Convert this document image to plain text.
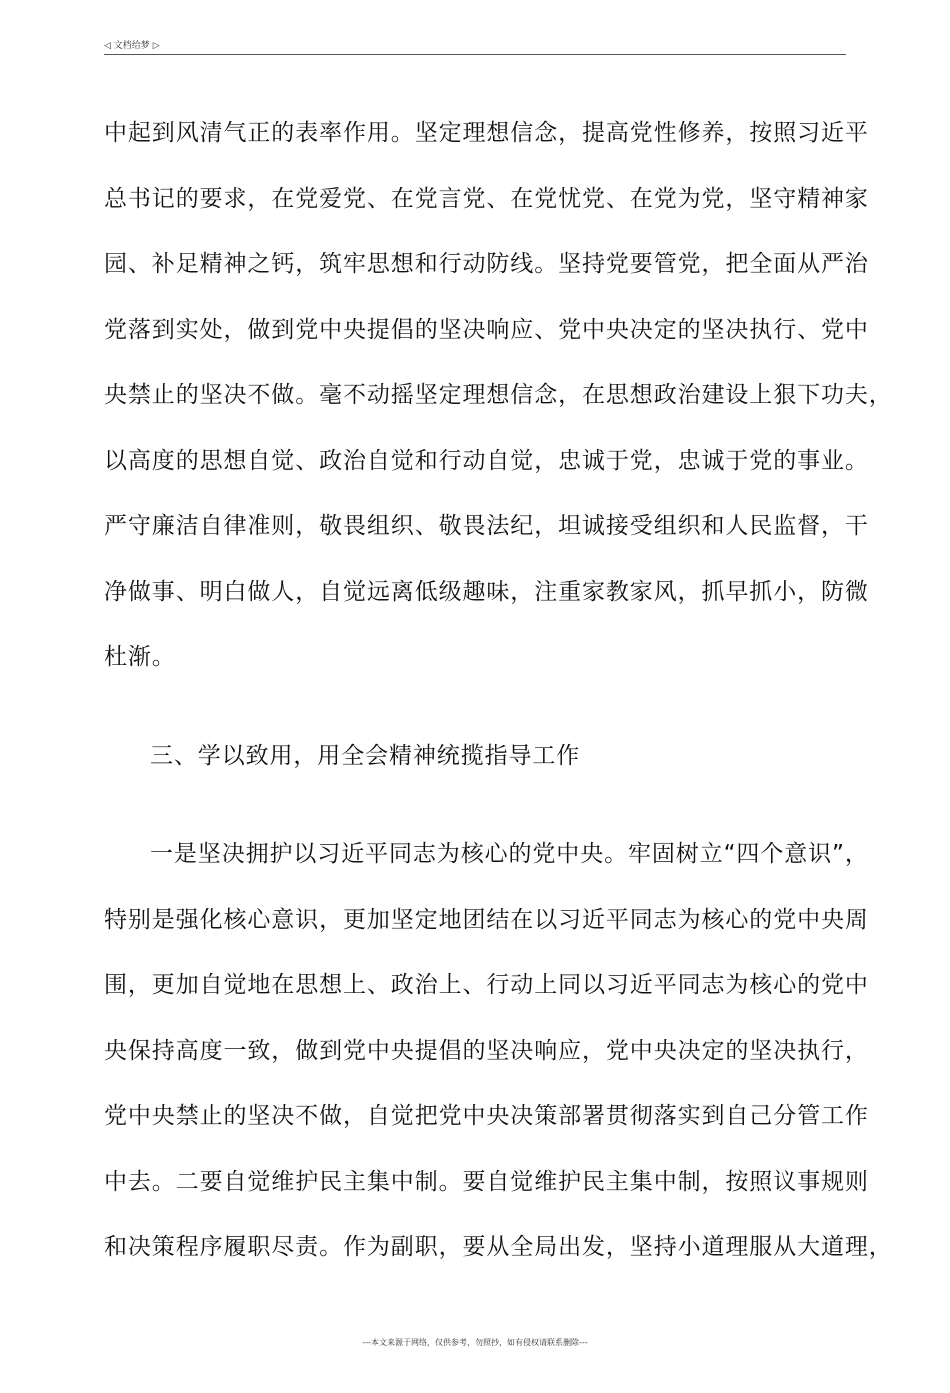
◁ 文档给梦 ▷
中起到风清气正的表率作用。坚定理想信念，提高党性修养，按照习近平
总书记的要求，在党爱党、在党言党、在党忧党、在党为党，坚守精神家
园、补足精神之钙，筑牢思想和行动防线。坚持党要管党，把全面从严治
党落到实处，做到党中央提倡的坚决响应、党中央决定的坚决执行、党中
央禁止的坚决不做。毫不动摇坚定理想信念，在思想政治建设上狠下功夫，
以高度的思想自觉、政治自觉和行动自觉，忠诚于党，忠诚于党的事业。
严守廉洁自律准则，敬畏组织、敬畏法纪，坦诚接受组织和人民监督，干
净做事、明白做人，自觉远离低级趣味，注重家教家风，抓早抓小，防微
杜渐。
三、学以致用，用全会精神统揽指导工作
一是坚决拥护以习近平同志为核心的党中央。牢固树立“四个意识”，
特别是强化核心意识，更加坚定地团结在以习近平同志为核心的党中央周
围，更加自觉地在思想上、政治上、行动上同以习近平同志为核心的党中
央保持高度一致，做到党中央提倡的坚决响应，党中央决定的坚决执行，
党中央禁止的坚决不做，自觉把党中央决策部署贯彻落实到自己分管工作
中去。二要自觉维护民主集中制。要自觉维护民主集中制，按照议事规则
和决策程序履职尽责。作为副职，要从全局出发，坚持小道理服从大道理，
---本文来源于网络，仅供参考，勿照抄，如有侵权请联系删除---
